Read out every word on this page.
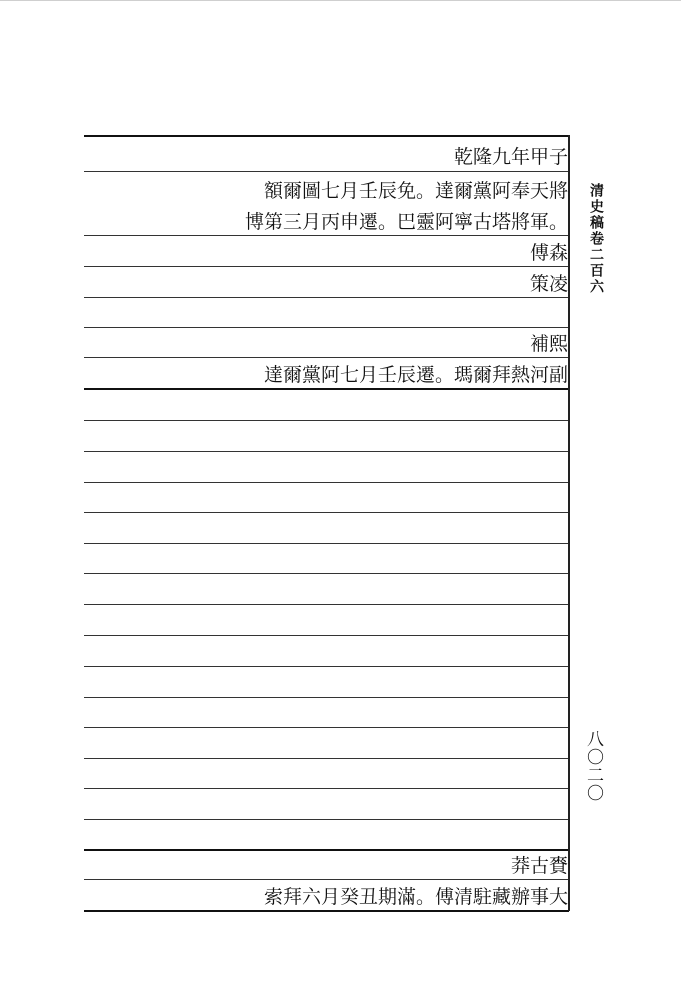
乾隆九年甲子
額爾圖七月壬辰免。達爾黨阿奉天將
博第三月丙申遷。巴靈阿寧古塔將軍。
傅森
策凌
補熙
達爾黨阿七月壬辰遷。瑪爾拜熱河副
莽古賚
索拜六月癸丑期滿。傅清駐藏辦事大
清史稿卷二百六
八〇二〇
